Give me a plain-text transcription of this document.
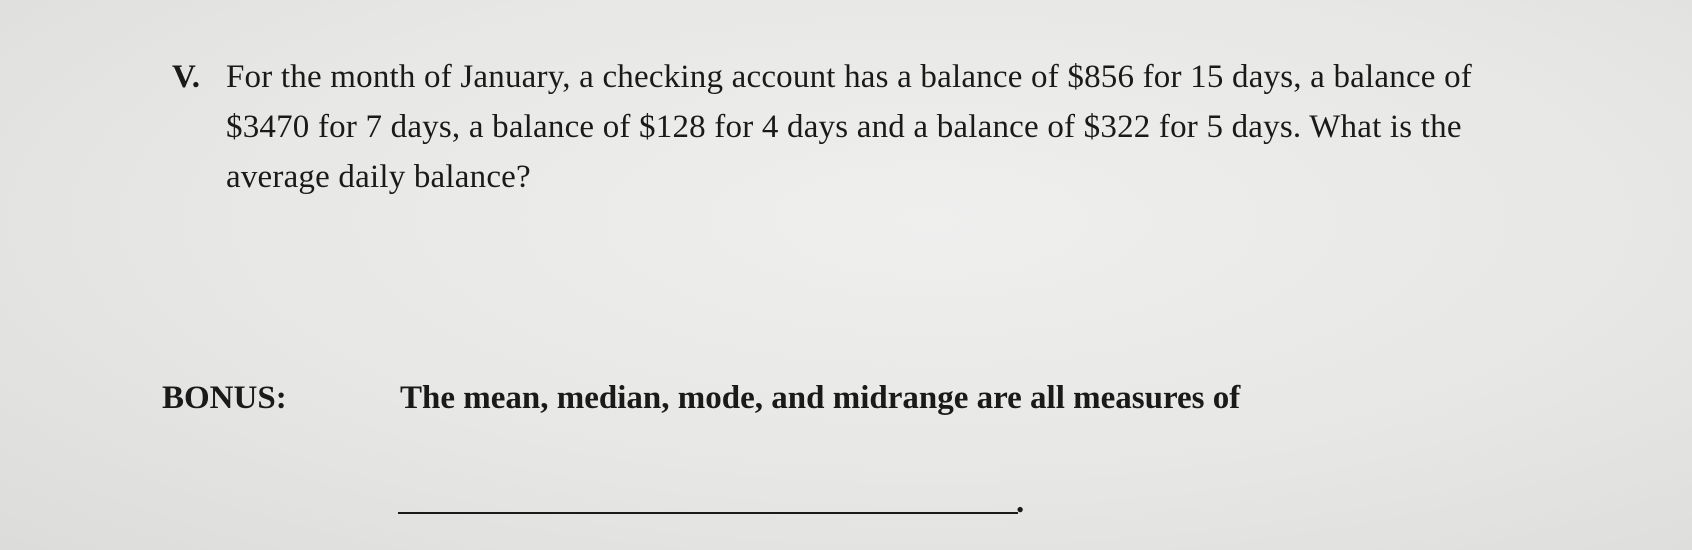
V. For the month of January, a checking account has a balance of $856 for 15 days, a balance of
$3470 for 7 days, a balance of $128 for 4 days and a balance of $322 for 5 days. What is the
average daily balance?
BONUS:	The mean, median, mode, and midrange are all measures of
.
